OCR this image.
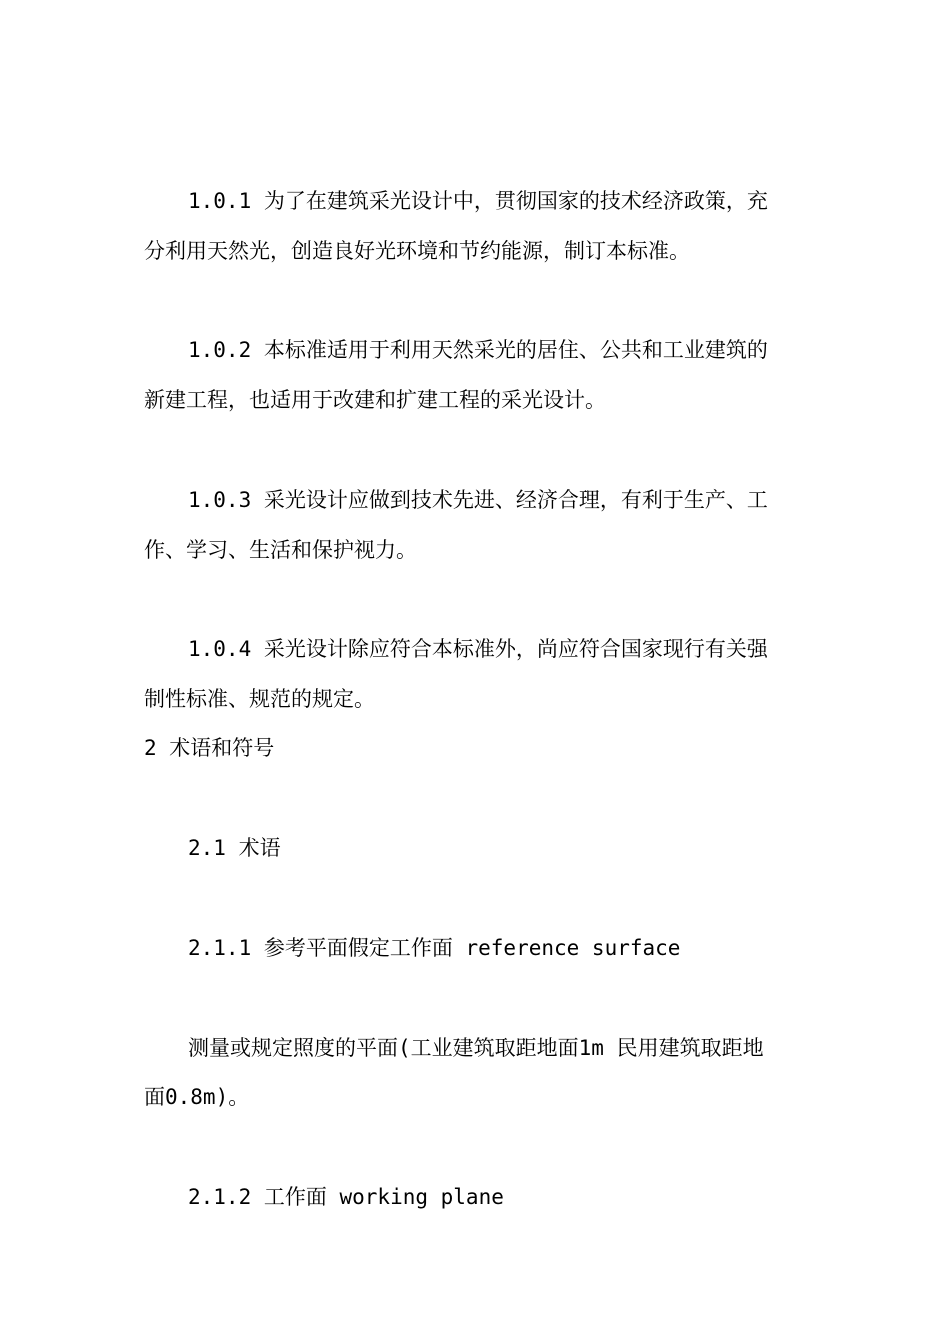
1.0.1 为了在建筑采光设计中，贯彻国家的技术经济政策，充
分利用天然光，创造良好光环境和节约能源，制订本标准。
1.0.2 本标准适用于利用天然采光的居住、公共和工业建筑的
新建工程，也适用于改建和扩建工程的采光设计。
1.0.3 采光设计应做到技术先进、经济合理，有利于生产、工
作、学习、生活和保护视力。
1.0.4 采光设计除应符合本标准外，尚应符合国家现行有关强
制性标准、规范的规定。
2 术语和符号
2.1 术语
2.1.1 参考平面假定工作面 reference surface
测量或规定照度的平面(工业建筑取距地面1m 民用建筑取距地
面0.8m)。
2.1.2 工作面 working plane
